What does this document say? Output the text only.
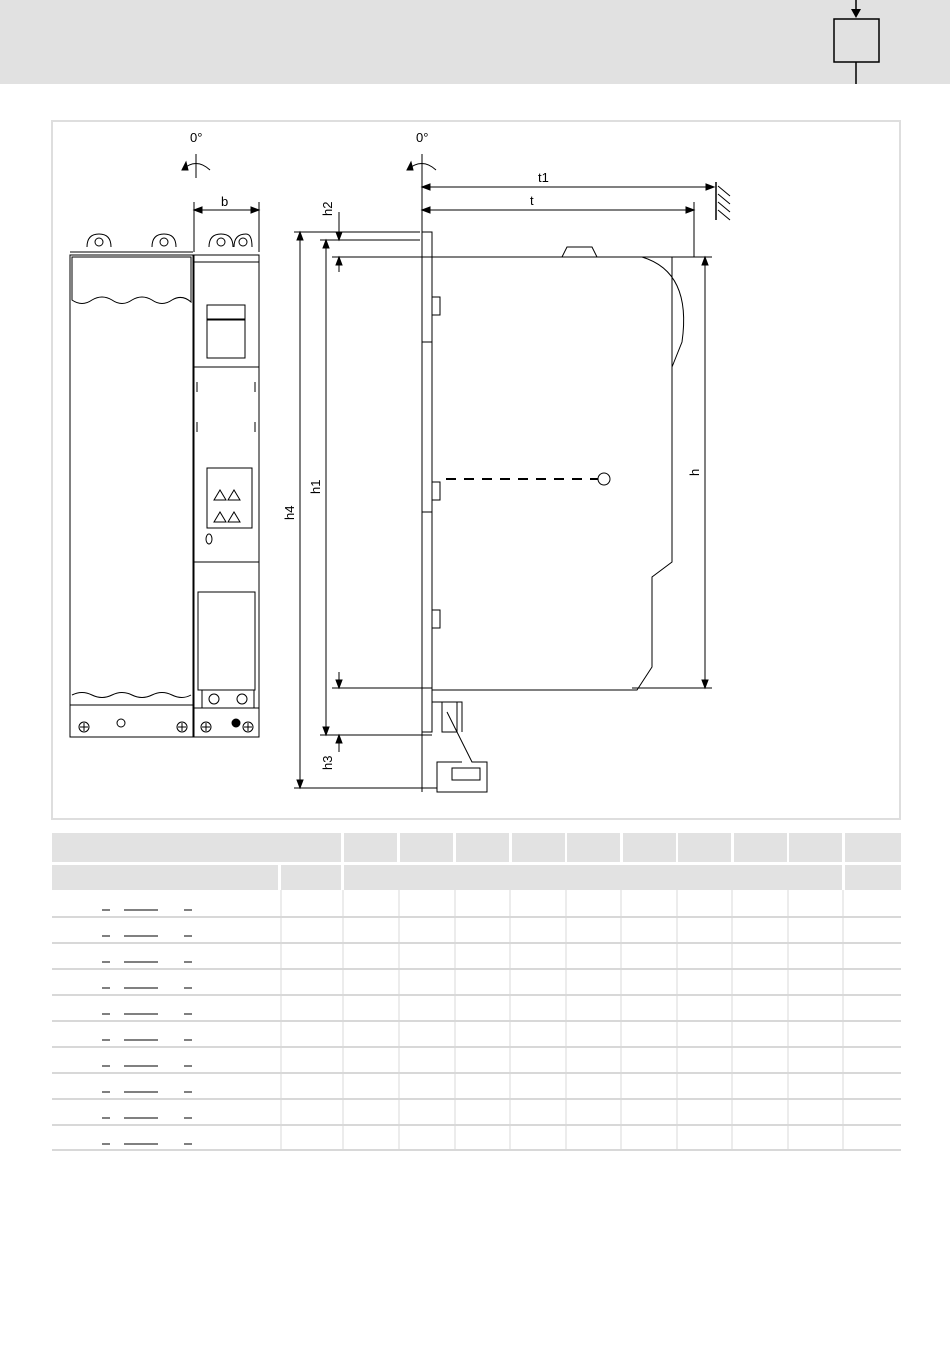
0°	0°
b
t1
t
h
h1
h2
h3
h4
Lenze
